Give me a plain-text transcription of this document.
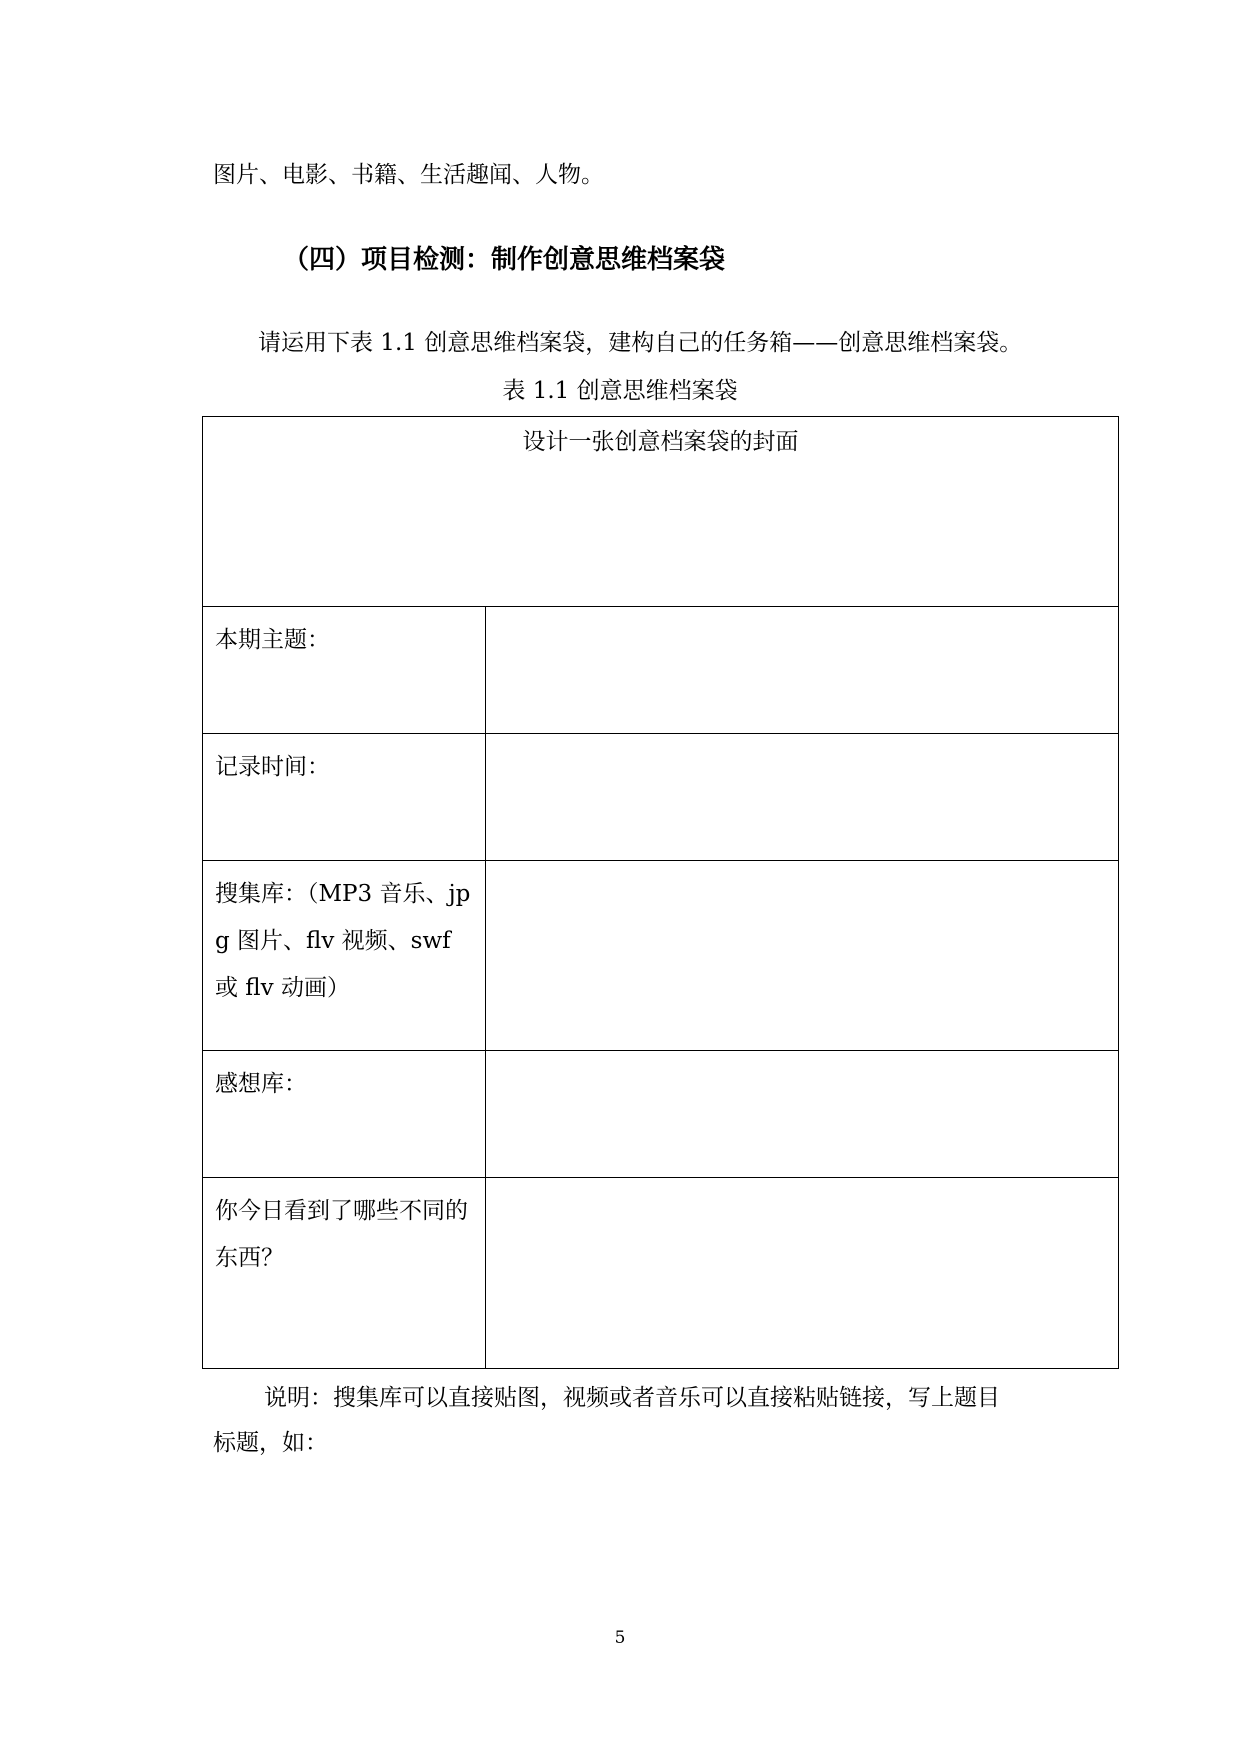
图片、电影、书籍、生活趣闻、人物。
（四）项目检测：制作创意思维档案袋
请运用下表 1.1 创意思维档案袋，建构自己的任务箱——创意思维档案袋。
表 1.1 创意思维档案袋
设计一张创意档案袋的封面	
本期主题：	
记录时间：	
搜集库：（MP3 音乐、jpg 图片、flv 视频、swf 或 flv 动画）	
感想库：	
你今日看到了哪些不同的东西？	
说明：搜集库可以直接贴图，视频或者音乐可以直接粘贴链接，写上题目
标题，如：
5
